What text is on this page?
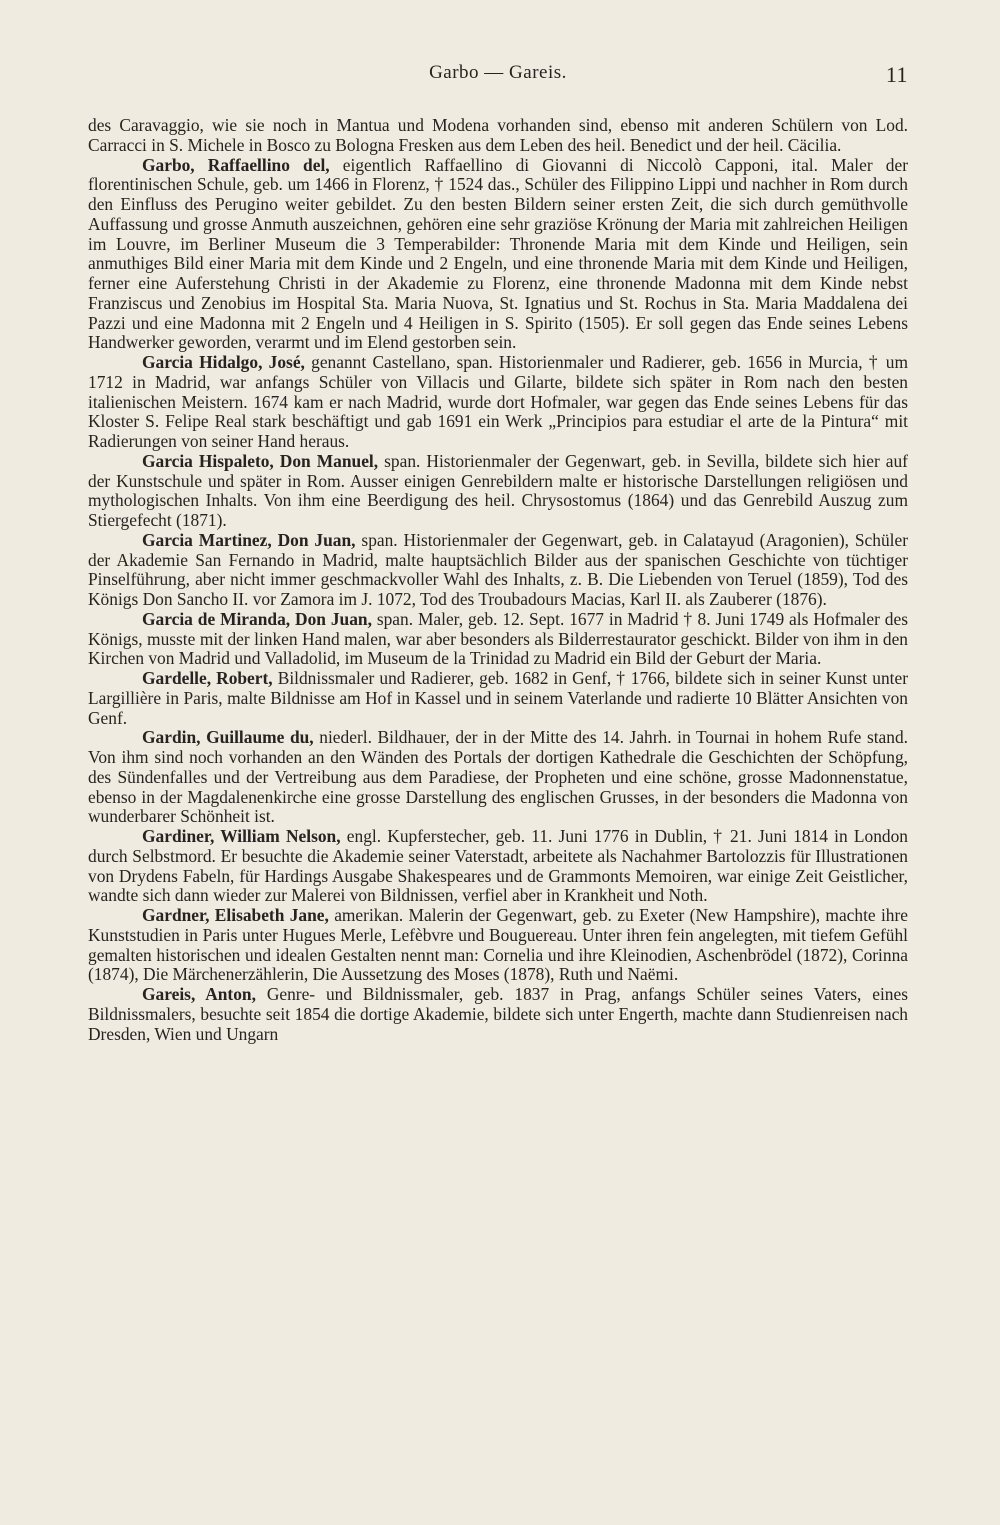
Garbo — Gareis.	11

des Caravaggio, wie sie noch in Mantua und Modena vorhanden sind, ebenso mit anderen Schülern von Lod. Carracci in S. Michele in Bosco zu Bologna Fresken aus dem Leben des heil. Benedict und der heil. Cäcilia.

Garbo, Raffaellino del, eigentlich Raffaellino di Giovanni di Niccolò Capponi, ital. Maler der florentinischen Schule, geb. um 1466 in Florenz, † 1524 das., Schüler des Filippino Lippi und nachher in Rom durch den Einfluss des Perugino weiter gebildet. Zu den besten Bildern seiner ersten Zeit, die sich durch gemüthvolle Auffassung und grosse Anmuth auszeichnen, gehören eine sehr graziöse Krönung der Maria mit zahlreichen Heiligen im Louvre, im Berliner Museum die 3 Temperabilder: Thronende Maria mit dem Kinde und Heiligen, sein anmuthiges Bild einer Maria mit dem Kinde und 2 Engeln, und eine thronende Maria mit dem Kinde und Heiligen, ferner eine Auferstehung Christi in der Akademie zu Florenz, eine thronende Madonna mit dem Kinde nebst Franziscus und Zenobius im Hospital Sta. Maria Nuova, St. Ignatius und St. Rochus in Sta. Maria Maddalena dei Pazzi und eine Madonna mit 2 Engeln und 4 Heiligen in S. Spirito (1505). Er soll gegen das Ende seines Lebens Handwerker geworden, verarmt und im Elend gestorben sein.

Garcia Hidalgo, José, genannt Castellano, span. Historienmaler und Radierer, geb. 1656 in Murcia, † um 1712 in Madrid, war anfangs Schüler von Villacis und Gilarte, bildete sich später in Rom nach den besten italienischen Meistern. 1674 kam er nach Madrid, wurde dort Hofmaler, war gegen das Ende seines Lebens für das Kloster S. Felipe Real stark beschäftigt und gab 1691 ein Werk „Principios para estudiar el arte de la Pintura“ mit Radierungen von seiner Hand heraus.

Garcia Hispaleto, Don Manuel, span. Historienmaler der Gegenwart, geb. in Sevilla, bildete sich hier auf der Kunstschule und später in Rom. Ausser einigen Genrebildern malte er historische Darstellungen religiösen und mythologischen Inhalts. Von ihm eine Beerdigung des heil. Chrysostomus (1864) und das Genrebild Auszug zum Stiergefecht (1871).

Garcia Martinez, Don Juan, span. Historienmaler der Gegenwart, geb. in Calatayud (Aragonien), Schüler der Akademie San Fernando in Madrid, malte hauptsächlich Bilder aus der spanischen Geschichte von tüchtiger Pinselführung, aber nicht immer geschmackvoller Wahl des Inhalts, z. B. Die Liebenden von Teruel (1859), Tod des Königs Don Sancho II. vor Zamora im J. 1072, Tod des Troubadours Macias, Karl II. als Zauberer (1876).

Garcia de Miranda, Don Juan, span. Maler, geb. 12. Sept. 1677 in Madrid † 8. Juni 1749 als Hofmaler des Königs, musste mit der linken Hand malen, war aber besonders als Bilderrestaurator geschickt. Bilder von ihm in den Kirchen von Madrid und Valladolid, im Museum de la Trinidad zu Madrid ein Bild der Geburt der Maria.

Gardelle, Robert, Bildnissmaler und Radierer, geb. 1682 in Genf, † 1766, bildete sich in seiner Kunst unter Largillière in Paris, malte Bildnisse am Hof in Kassel und in seinem Vaterlande und radierte 10 Blätter Ansichten von Genf.

Gardin, Guillaume du, niederl. Bildhauer, der in der Mitte des 14. Jahrh. in Tournai in hohem Rufe stand. Von ihm sind noch vorhanden an den Wänden des Portals der dortigen Kathedrale die Geschichten der Schöpfung, des Sündenfalles und der Vertreibung aus dem Paradiese, der Propheten und eine schöne, grosse Madonnenstatue, ebenso in der Magdalenenkirche eine grosse Darstellung des englischen Grusses, in der besonders die Madonna von wunderbarer Schönheit ist.

Gardiner, William Nelson, engl. Kupferstecher, geb. 11. Juni 1776 in Dublin, † 21. Juni 1814 in London durch Selbstmord. Er besuchte die Akademie seiner Vaterstadt, arbeitete als Nachahmer Bartolozzis für Illustrationen von Drydens Fabeln, für Hardings Ausgabe Shakespeares und de Grammonts Memoiren, war einige Zeit Geistlicher, wandte sich dann wieder zur Malerei von Bildnissen, verfiel aber in Krankheit und Noth.

Gardner, Elisabeth Jane, amerikan. Malerin der Gegenwart, geb. zu Exeter (New Hampshire), machte ihre Kunststudien in Paris unter Hugues Merle, Lefèbvre und Bouguereau. Unter ihren fein angelegten, mit tiefem Gefühl gemalten historischen und idealen Gestalten nennt man: Cornelia und ihre Kleinodien, Aschenbrödel (1872), Corinna (1874), Die Märchenerzählerin, Die Aussetzung des Moses (1878), Ruth und Naëmi.

Gareis, Anton, Genre- und Bildnissmaler, geb. 1837 in Prag, anfangs Schüler seines Vaters, eines Bildnissmalers, besuchte seit 1854 die dortige Akademie, bildete sich unter Engerth, machte dann Studienreisen nach Dresden, Wien und Ungarn
